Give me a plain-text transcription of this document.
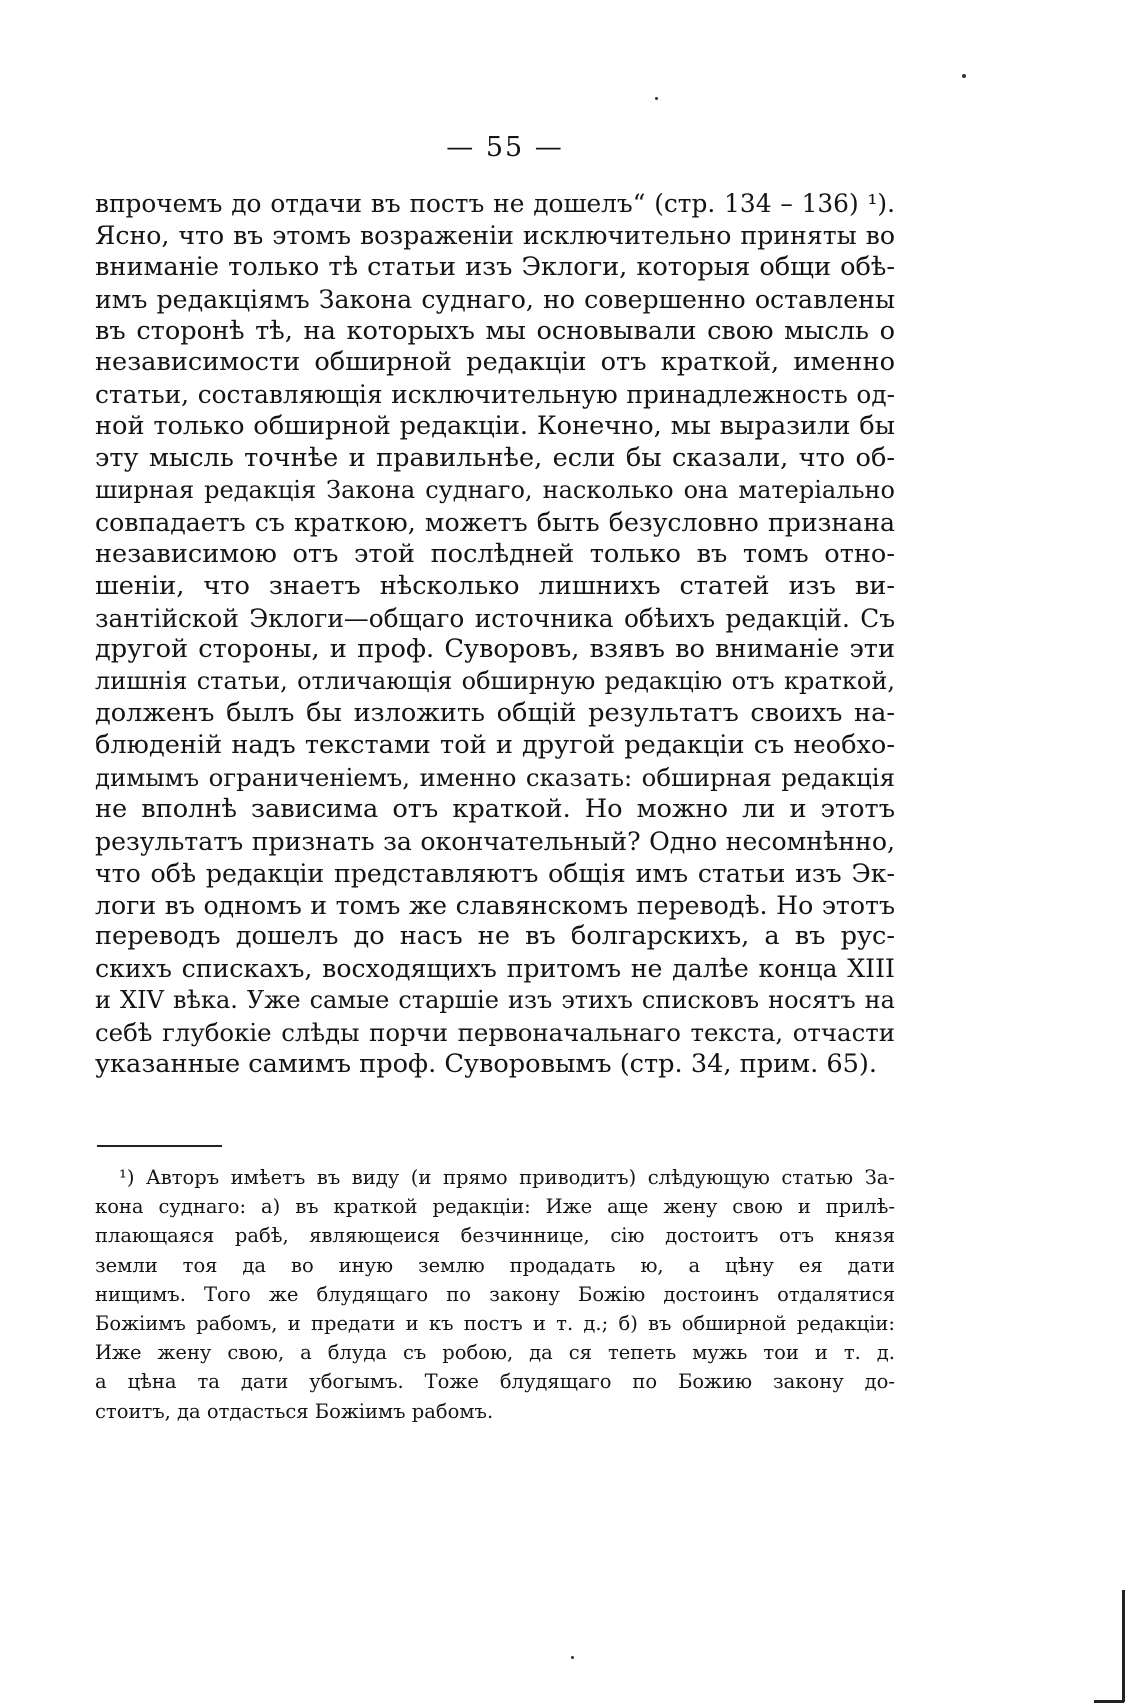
— 55 —
впрочемъ до отдачи въ постъ не дошелъ“ (стр. 134 – 136) ¹).
Ясно, что въ этомъ возраженіи исключительно приняты во
вниманіе только тѣ статьи изъ Эклоги, которыя общи обѣ-
имъ редакціямъ Закона суднаго, но совершенно оставлены
въ сторонѣ тѣ, на которыхъ мы основывали свою мысль о
независимости обширной редакціи отъ краткой, именно
статьи, составляющія исключительную принадлежность од-
ной только обширной редакціи. Конечно, мы выразили бы
эту мысль точнѣе и правильнѣе, если бы сказали, что об-
ширная редакція Закона суднаго, насколько она матеріально
совпадаетъ съ краткою, можетъ быть безусловно признана
независимою отъ этой послѣдней только въ томъ отно-
шеніи, что знаетъ нѣсколько лишнихъ статей изъ ви-
зантійской Эклоги—общаго источника обѣихъ редакцій. Съ
другой стороны, и проф. Суворовъ, взявъ во вниманіе эти
лишнія статьи, отличающія обширную редакцію отъ краткой,
долженъ былъ бы изложить общій результатъ своихъ на-
блюденій надъ текстами той и другой редакціи съ необхо-
димымъ ограниченіемъ, именно сказать: обширная редакція
не вполнѣ зависима отъ краткой. Но можно ли и этотъ
результатъ признать за окончательный? Одно несомнѣнно,
что обѣ редакціи представляютъ общія имъ статьи изъ Эк-
логи въ одномъ и томъ же славянскомъ переводѣ. Но этотъ
переводъ дошелъ до насъ не въ болгарскихъ, а въ рус-
скихъ спискахъ, восходящихъ притомъ не далѣе конца XIII
и XIV вѣка. Уже самые старшіе изъ этихъ списковъ носятъ на
себѣ глубокіе слѣды порчи первоначальнаго текста, отчасти
указанные самимъ проф. Суворовымъ (стр. 34, прим. 65).
¹) Авторъ имѣетъ въ виду (и прямо приводитъ) слѣдующую статью За-
кона суднаго: а) въ краткой редакціи: Иже аще жену свою и прилѣ-
плающаяся рабѣ, являющеися безчиннице, сію достоитъ отъ князя
земли тоя да во иную землю продадать ю, а цѣну ея дати
нищимъ. Того же блудящаго по закону Божію достоинъ отдалятися
Божіимъ рабомъ, и предати и къ постъ и т. д.; б) въ обширной редакціи:
Иже жену свою, а блуда съ робою, да ся тепеть мужь тои и т. д.
а цѣна та дати убогымъ. Тоже блудящаго по Божию закону до-
стоитъ, да отдасться Божіимъ рабомъ.
